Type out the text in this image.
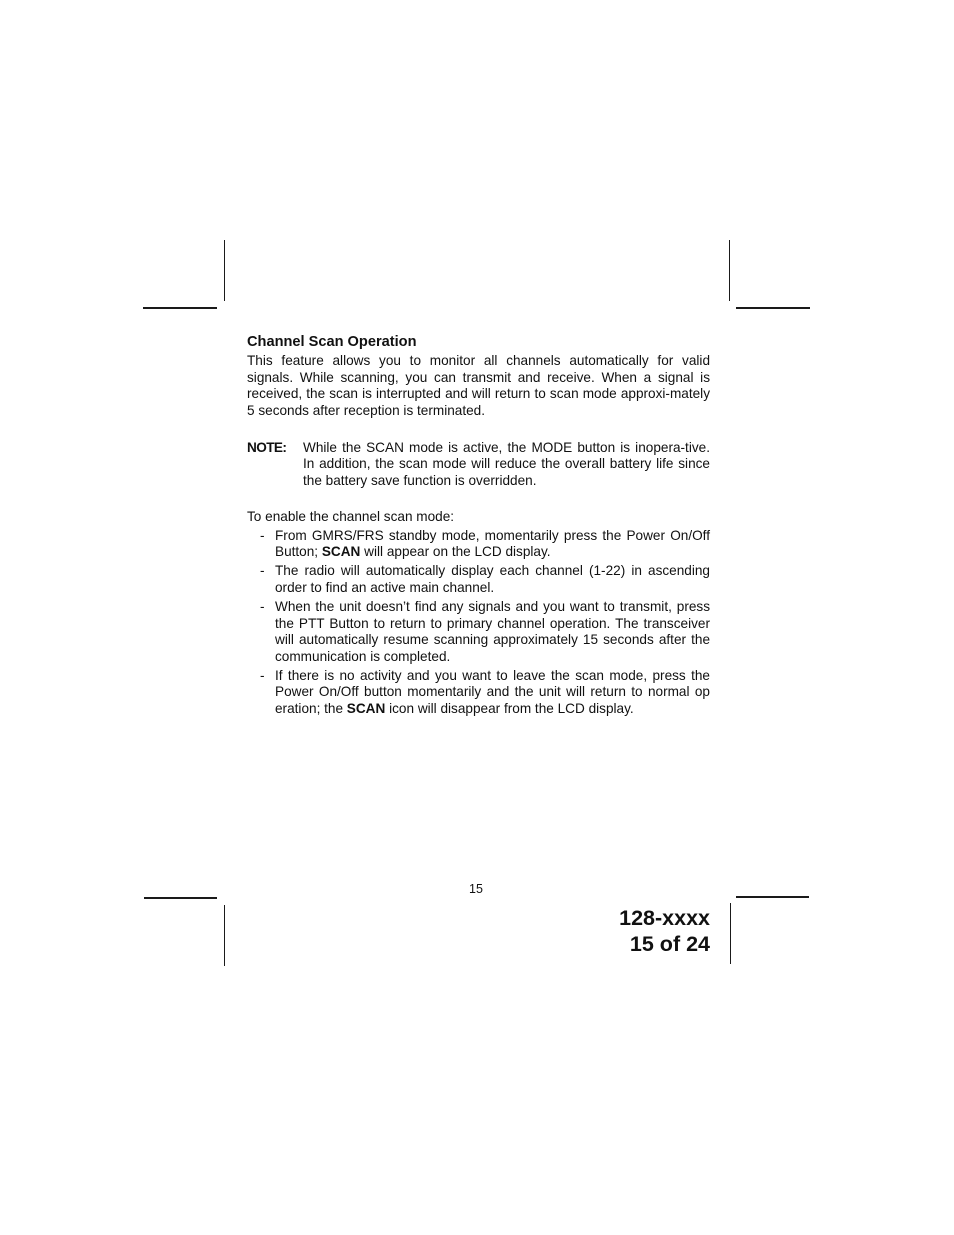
Channel Scan Operation

This feature allows you to monitor all channels automatically for valid signals. While scanning, you can transmit and receive. When a signal is received, the scan is interrupted and will return to scan mode approxi-mately 5 seconds after reception is terminated.

NOTE: While the SCAN mode is active, the MODE button is inopera-tive. In addition, the scan mode will reduce the overall battery life since the battery save function is overridden.

To enable the channel scan mode:

- From GMRS/FRS standby mode, momentarily press the Power On/Off Button; SCAN will appear on the LCD display.
- The radio will automatically display each channel (1-22) in ascending order to find an active main channel.
- When the unit doesn’t find any signals and you want to transmit, press the PTT Button to return to primary channel operation. The transceiver will automatically resume scanning approximately 15 seconds after the communication is completed.
- If there is no activity and you want to leave the scan mode, press the Power On/Off button momentarily and the unit will return to normal op eration; the SCAN icon will disappear from the LCD display.
15
128-xxxx
15 of 24
